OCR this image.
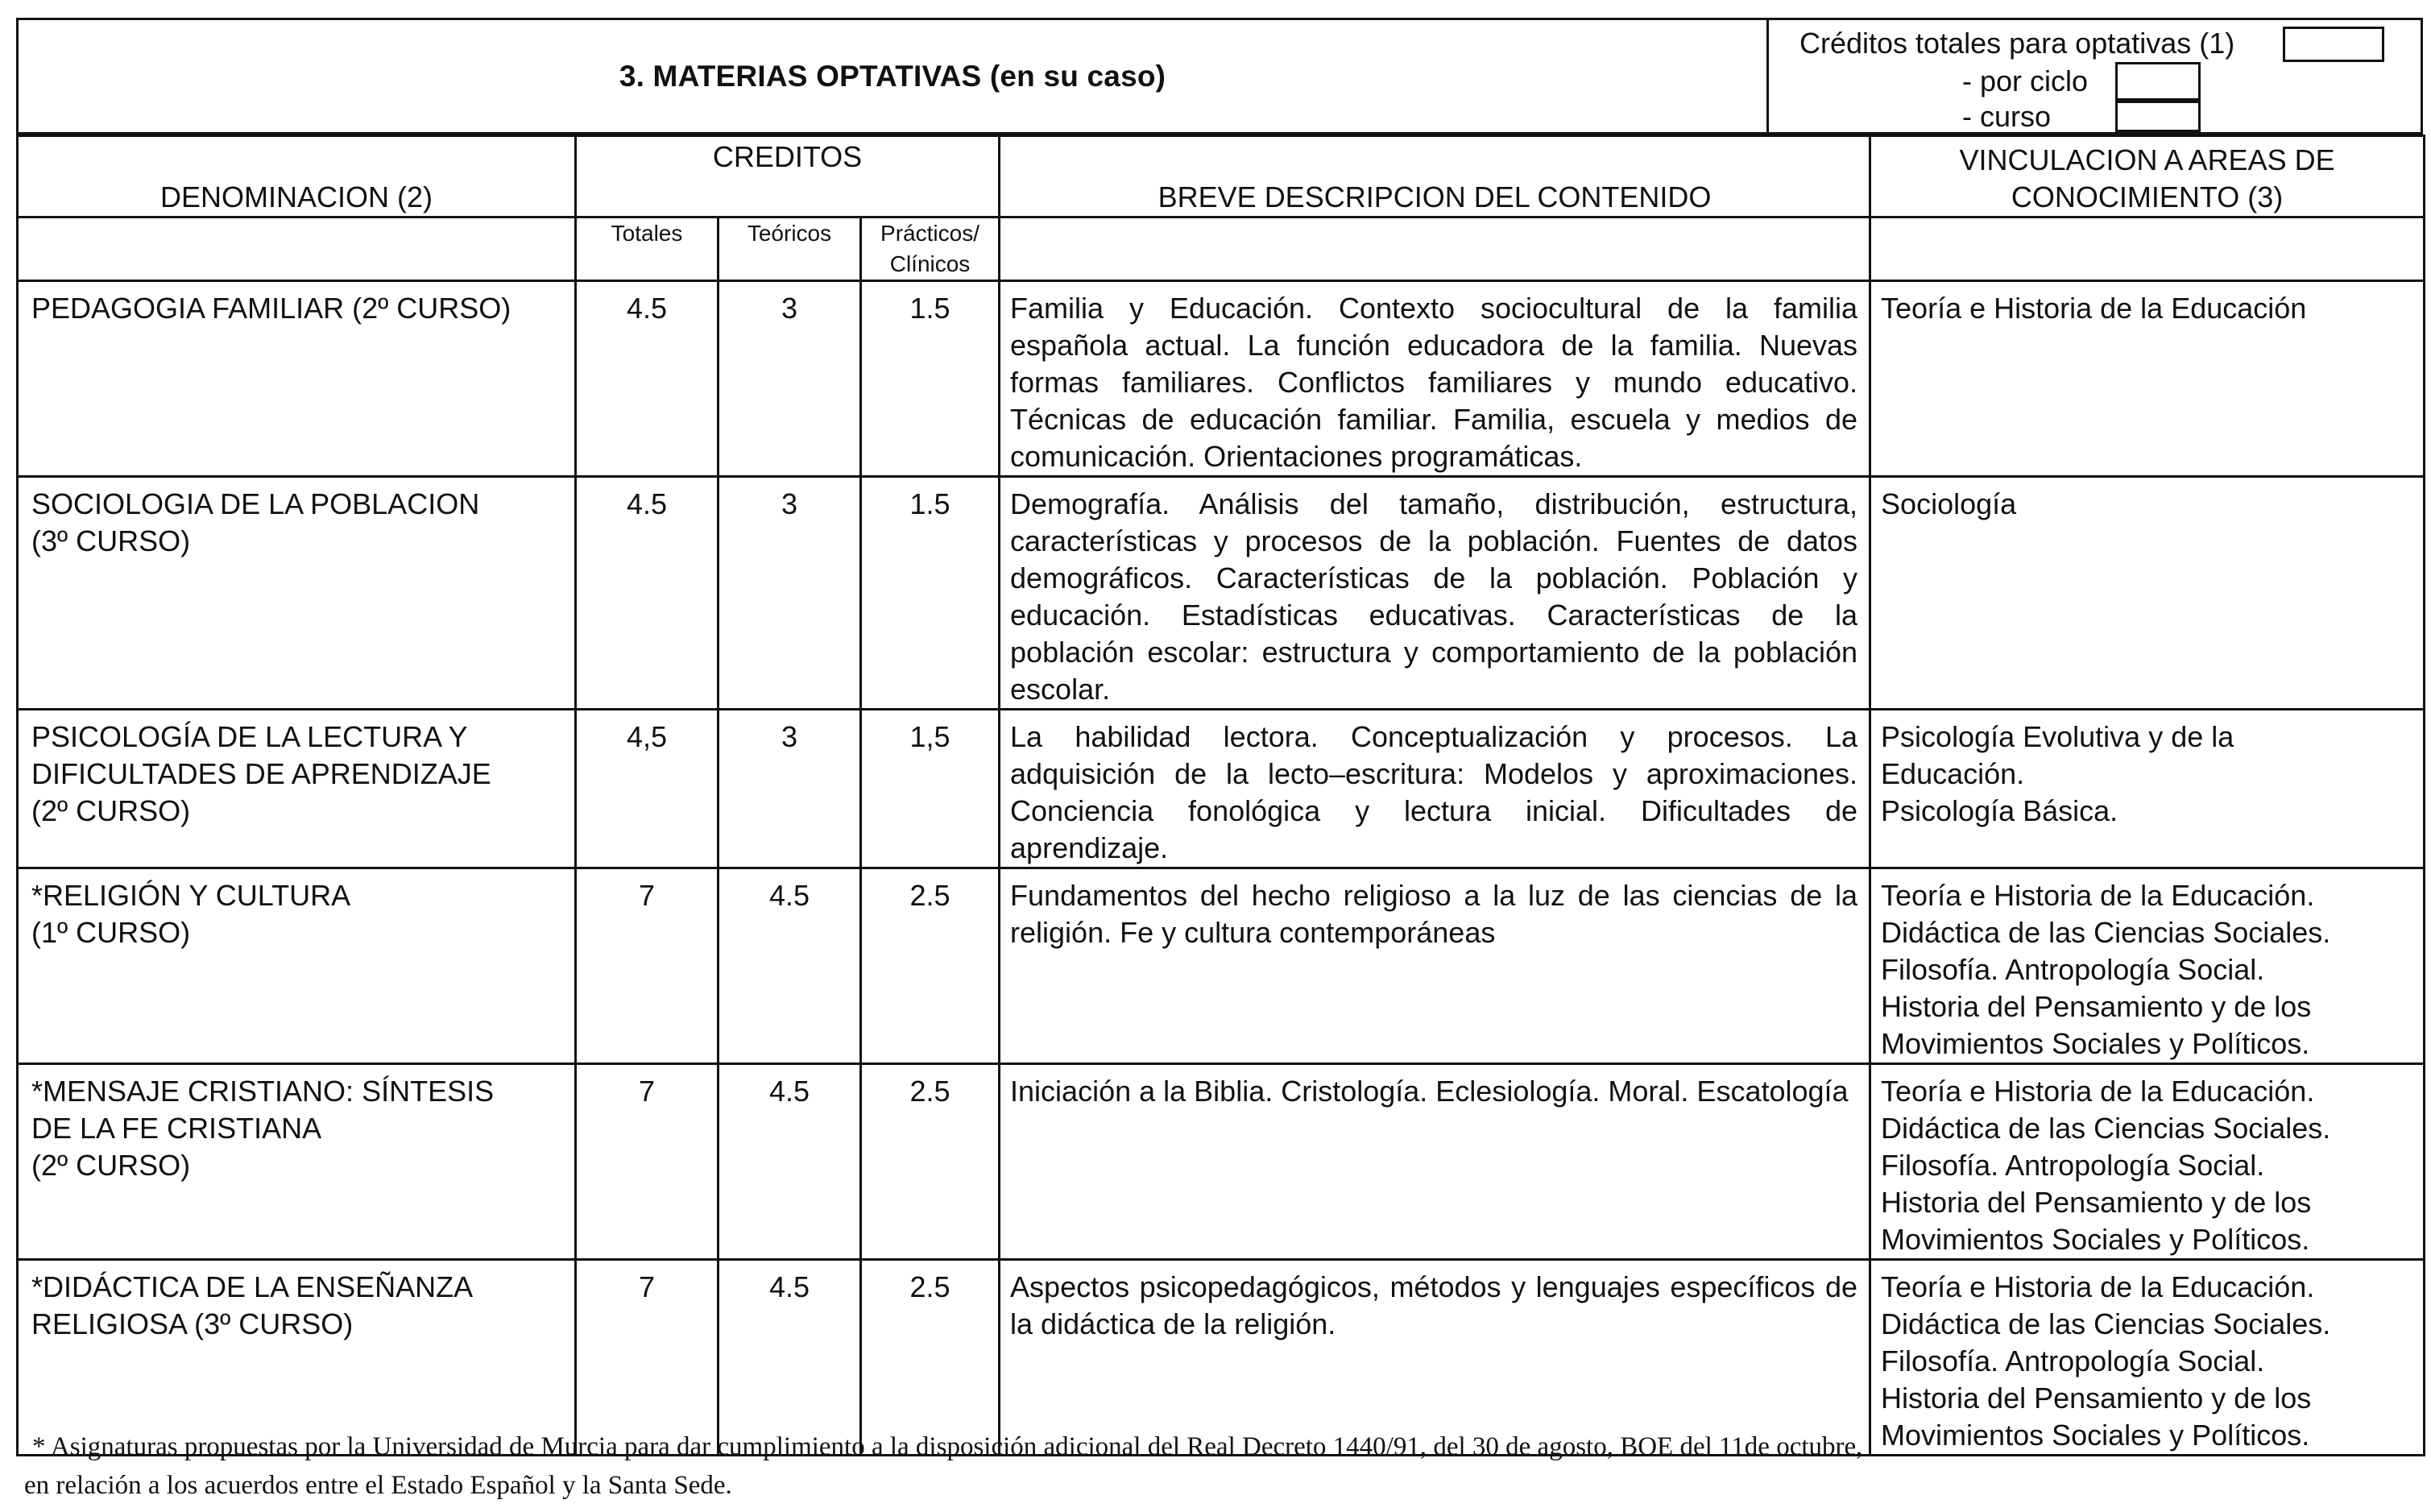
3. MATERIAS OPTATIVAS (en su caso)
Créditos totales para optativas (1)
- por ciclo
- curso
DENOMINACION (2)	CREDITOS			BREVE DESCRIPCION DEL CONTENIDO	VINCULACION A AREAS DE
CONOCIMIENTO (3)

	Totales	Teóricos	Prácticos/
Clínicos		

PEDAGOGIA FAMILIAR (2º CURSO)	4.5	3	1.5	Familia y Educación. Contexto sociocultural de la familia española actual. La función educadora de la familia. Nuevas formas familiares. Conflictos familiares y mundo educativo. Técnicas de educación familiar. Familia, escuela y medios de comunicación. Orientaciones programáticas.	Teoría e Historia de la Educación

SOCIOLOGIA DE LA POBLACION
(3º CURSO)	4.5	3	1.5	Demografía. Análisis del tamaño, distribución, estructura, características y procesos de la población. Fuentes de datos demográficos. Características de la población. Población y educación. Estadísticas educativas. Características de la población escolar: estructura y comportamiento de la población escolar.	Sociología

PSICOLOGÍA DE LA LECTURA Y
DIFICULTADES DE APRENDIZAJE
(2º CURSO)	4,5	3	1,5	La habilidad lectora. Conceptualización y procesos. La adquisición de la lecto–escritura: Modelos y aproximaciones. Conciencia fonológica y lectura inicial. Dificultades de aprendizaje.	Psicología Evolutiva y de la
Educación.
Psicología Básica.

*RELIGIÓN Y CULTURA
(1º CURSO)	7	4.5	2.5	Fundamentos del hecho religioso a la luz de las ciencias de la religión. Fe y cultura contemporáneas	Teoría e Historia de la Educación.
Didáctica de las Ciencias Sociales.
Filosofía. Antropología Social.
Historia del Pensamiento y de los
Movimientos Sociales y Políticos.

*MENSAJE CRISTIANO: SÍNTESIS
DE LA FE CRISTIANA
(2º CURSO)	7	4.5	2.5	Iniciación a la Biblia. Cristología. Eclesiología. Moral. Escatología	Teoría e Historia de la Educación.
Didáctica de las Ciencias Sociales.
Filosofía. Antropología Social.
Historia del Pensamiento y de los
Movimientos Sociales y Políticos.

*DIDÁCTICA DE LA ENSEÑANZA
RELIGIOSA (3º CURSO)	7	4.5	2.5	Aspectos psicopedagógicos, métodos y lenguajes específicos de la didáctica de la religión.	Teoría e Historia de la Educación.
Didáctica de las Ciencias Sociales.
Filosofía. Antropología Social.
Historia del Pensamiento y de los
Movimientos Sociales y Políticos.
* Asignaturas propuestas por la Universidad de Murcia para dar cumplimiento a la disposición adicional del Real Decreto 1440/91, del 30 de agosto, BOE del 11de octubre,
en relación a los acuerdos entre el Estado Español y la Santa Sede.
